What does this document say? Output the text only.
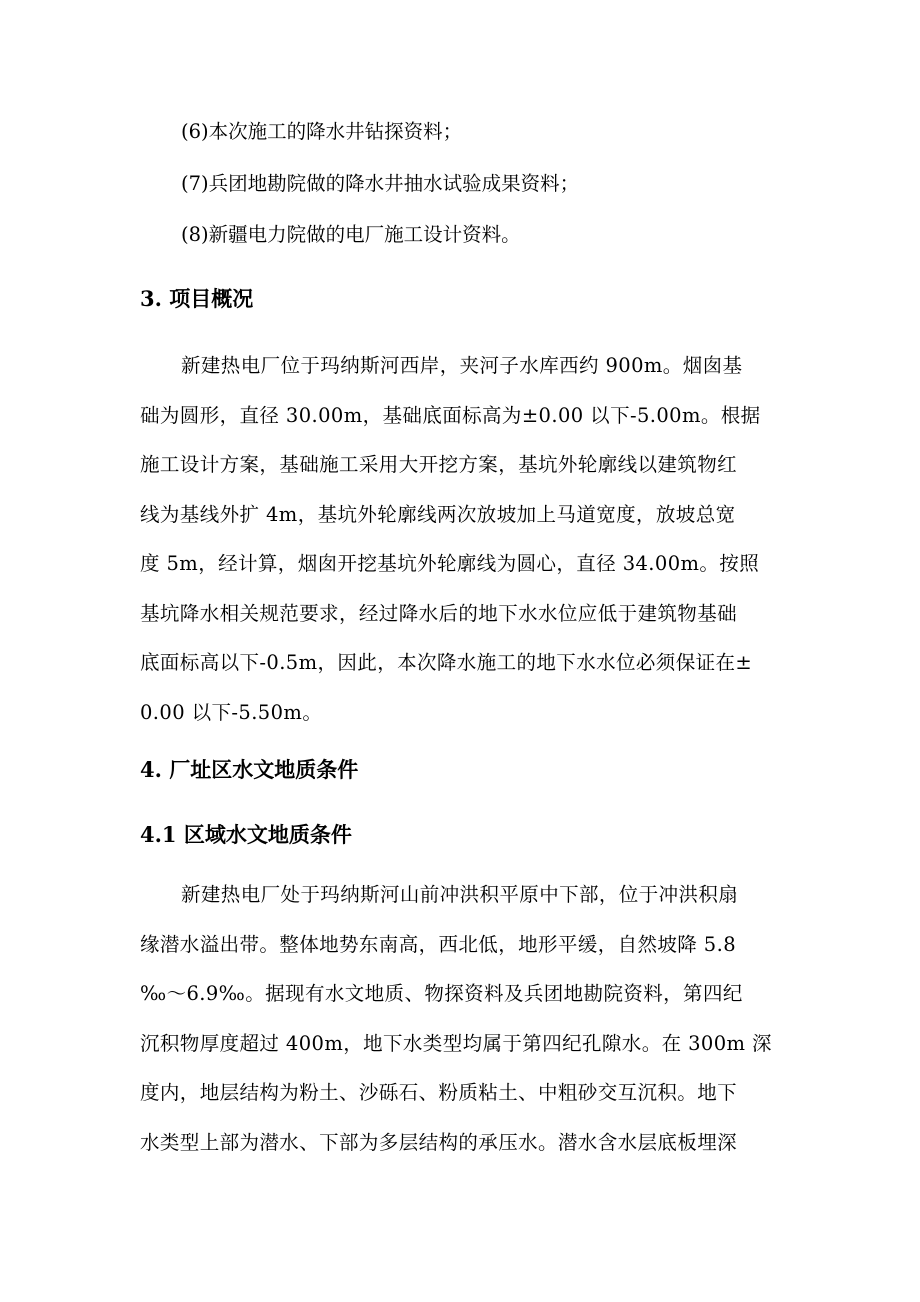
(6)本次施工的降水井钻探资料；
(7)兵团地勘院做的降水井抽水试验成果资料；
(8)新疆电力院做的电厂施工设计资料。
3. 项目概况
新建热电厂位于玛纳斯河西岸，夹河子水库西约 900m。烟囱基
础为圆形，直径 30.00m，基础底面标高为±0.00 以下-5.00m。根据
施工设计方案，基础施工采用大开挖方案，基坑外轮廓线以建筑物红
线为基线外扩 4m，基坑外轮廓线两次放坡加上马道宽度，放坡总宽
度 5m，经计算，烟囱开挖基坑外轮廓线为圆心，直径 34.00m。按照
基坑降水相关规范要求，经过降水后的地下水水位应低于建筑物基础
底面标高以下-0.5m，因此，本次降水施工的地下水水位必须保证在±
0.00 以下-5.50m。
4. 厂址区水文地质条件
4.1 区域水文地质条件
新建热电厂处于玛纳斯河山前冲洪积平原中下部，位于冲洪积扇
缘潜水溢出带。整体地势东南高，西北低，地形平缓，自然坡降 5.8
‰～6.9‰。据现有水文地质、物探资料及兵团地勘院资料，第四纪
沉积物厚度超过 400m，地下水类型均属于第四纪孔隙水。在 300m 深
度内，地层结构为粉土、沙砾石、粉质粘土、中粗砂交互沉积。地下
水类型上部为潜水、下部为多层结构的承压水。潜水含水层底板埋深
